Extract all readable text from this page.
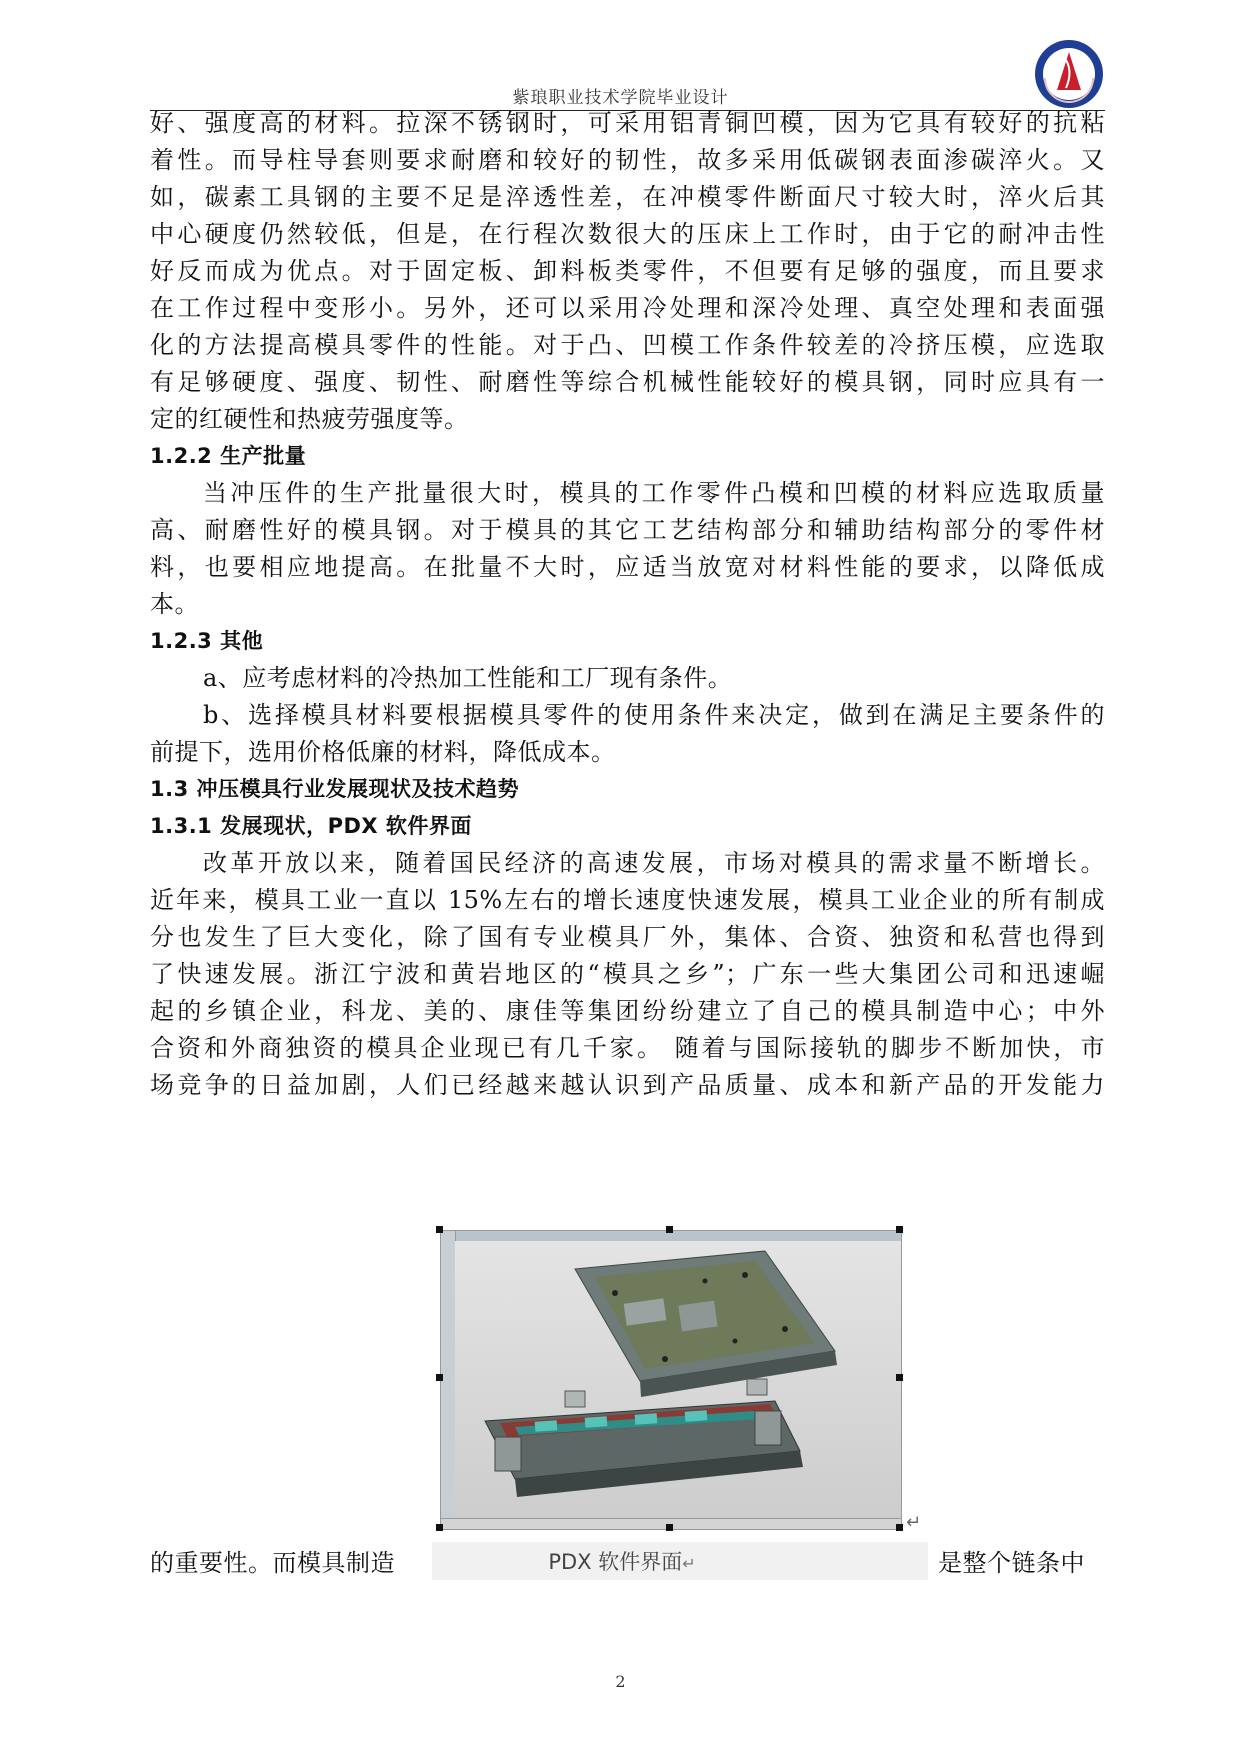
紫琅职业技术学院毕业设计
好、强度高的材料。拉深不锈钢时，可采用铝青铜凹模，因为它具有较好的抗粘
着性。而导柱导套则要求耐磨和较好的韧性，故多采用低碳钢表面渗碳淬火。又
如，碳素工具钢的主要不足是淬透性差，在冲模零件断面尺寸较大时，淬火后其
中心硬度仍然较低，但是，在行程次数很大的压床上工作时，由于它的耐冲击性
好反而成为优点。对于固定板、卸料板类零件，不但要有足够的强度，而且要求
在工作过程中变形小。另外，还可以采用冷处理和深冷处理、真空处理和表面强
化的方法提高模具零件的性能。对于凸、凹模工作条件较差的冷挤压模，应选取
有足够硬度、强度、韧性、耐磨性等综合机械性能较好的模具钢，同时应具有一
定的红硬性和热疲劳强度等。
1.2.2 生产批量
当冲压件的生产批量很大时，模具的工作零件凸模和凹模的材料应选取质量
高、耐磨性好的模具钢。对于模具的其它工艺结构部分和辅助结构部分的零件材
料，也要相应地提高。在批量不大时，应适当放宽对材料性能的要求，以降低成
本。
1.2.3 其他
a、应考虑材料的冷热加工性能和工厂现有条件。
b、选择模具材料要根据模具零件的使用条件来决定，做到在满足主要条件的
前提下，选用价格低廉的材料，降低成本。
1.3 冲压模具行业发展现状及技术趋势
1.3.1 发展现状，PDX 软件界面
改革开放以来，随着国民经济的高速发展，市场对模具的需求量不断增长。
近年来，模具工业一直以 15%左右的增长速度快速发展，模具工业企业的所有制成
分也发生了巨大变化，除了国有专业模具厂外，集体、合资、独资和私营也得到
了快速发展。浙江宁波和黄岩地区的“模具之乡”；广东一些大集团公司和迅速崛
起的乡镇企业，科龙、美的、康佳等集团纷纷建立了自己的模具制造中心；中外
合资和外商独资的模具企业现已有几千家。 随着与国际接轨的脚步不断加快，市
场竞争的日益加剧，人们已经越来越认识到产品质量、成本和新产品的开发能力
↵
PDX 软件界面↵
的重要性。而模具制造	是整个链条中
2
